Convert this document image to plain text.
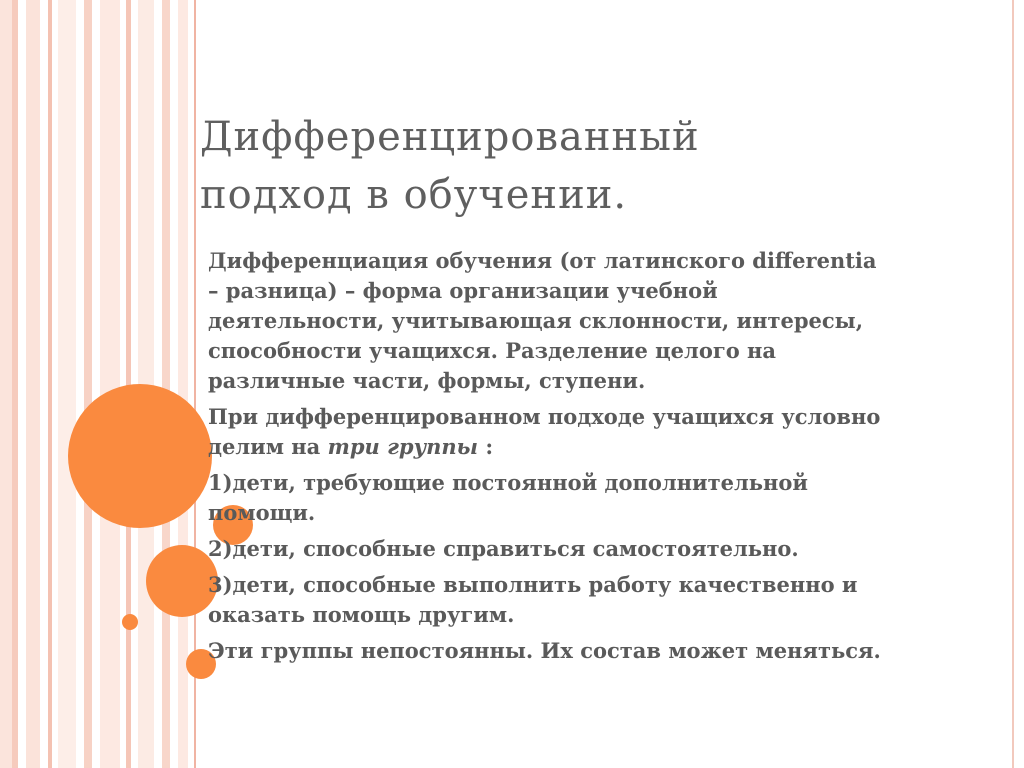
Дифференцированный
подход в обучении.

Дифференциация обучения (от латинского differentia – разница) – форма организации учебной деятельности, учитывающая склонности, интересы, способности учащихся. Разделение целого на различные части, формы, ступени.

При дифференцированном подходе учащихся условно делим на три группы :

1)дети, требующие постоянной дополнительной помощи.

2)дети, способные справиться самостоятельно.

3)дети, способные выполнить работу качественно и оказать помощь другим.

Эти группы непостоянны. Их состав может меняться.
